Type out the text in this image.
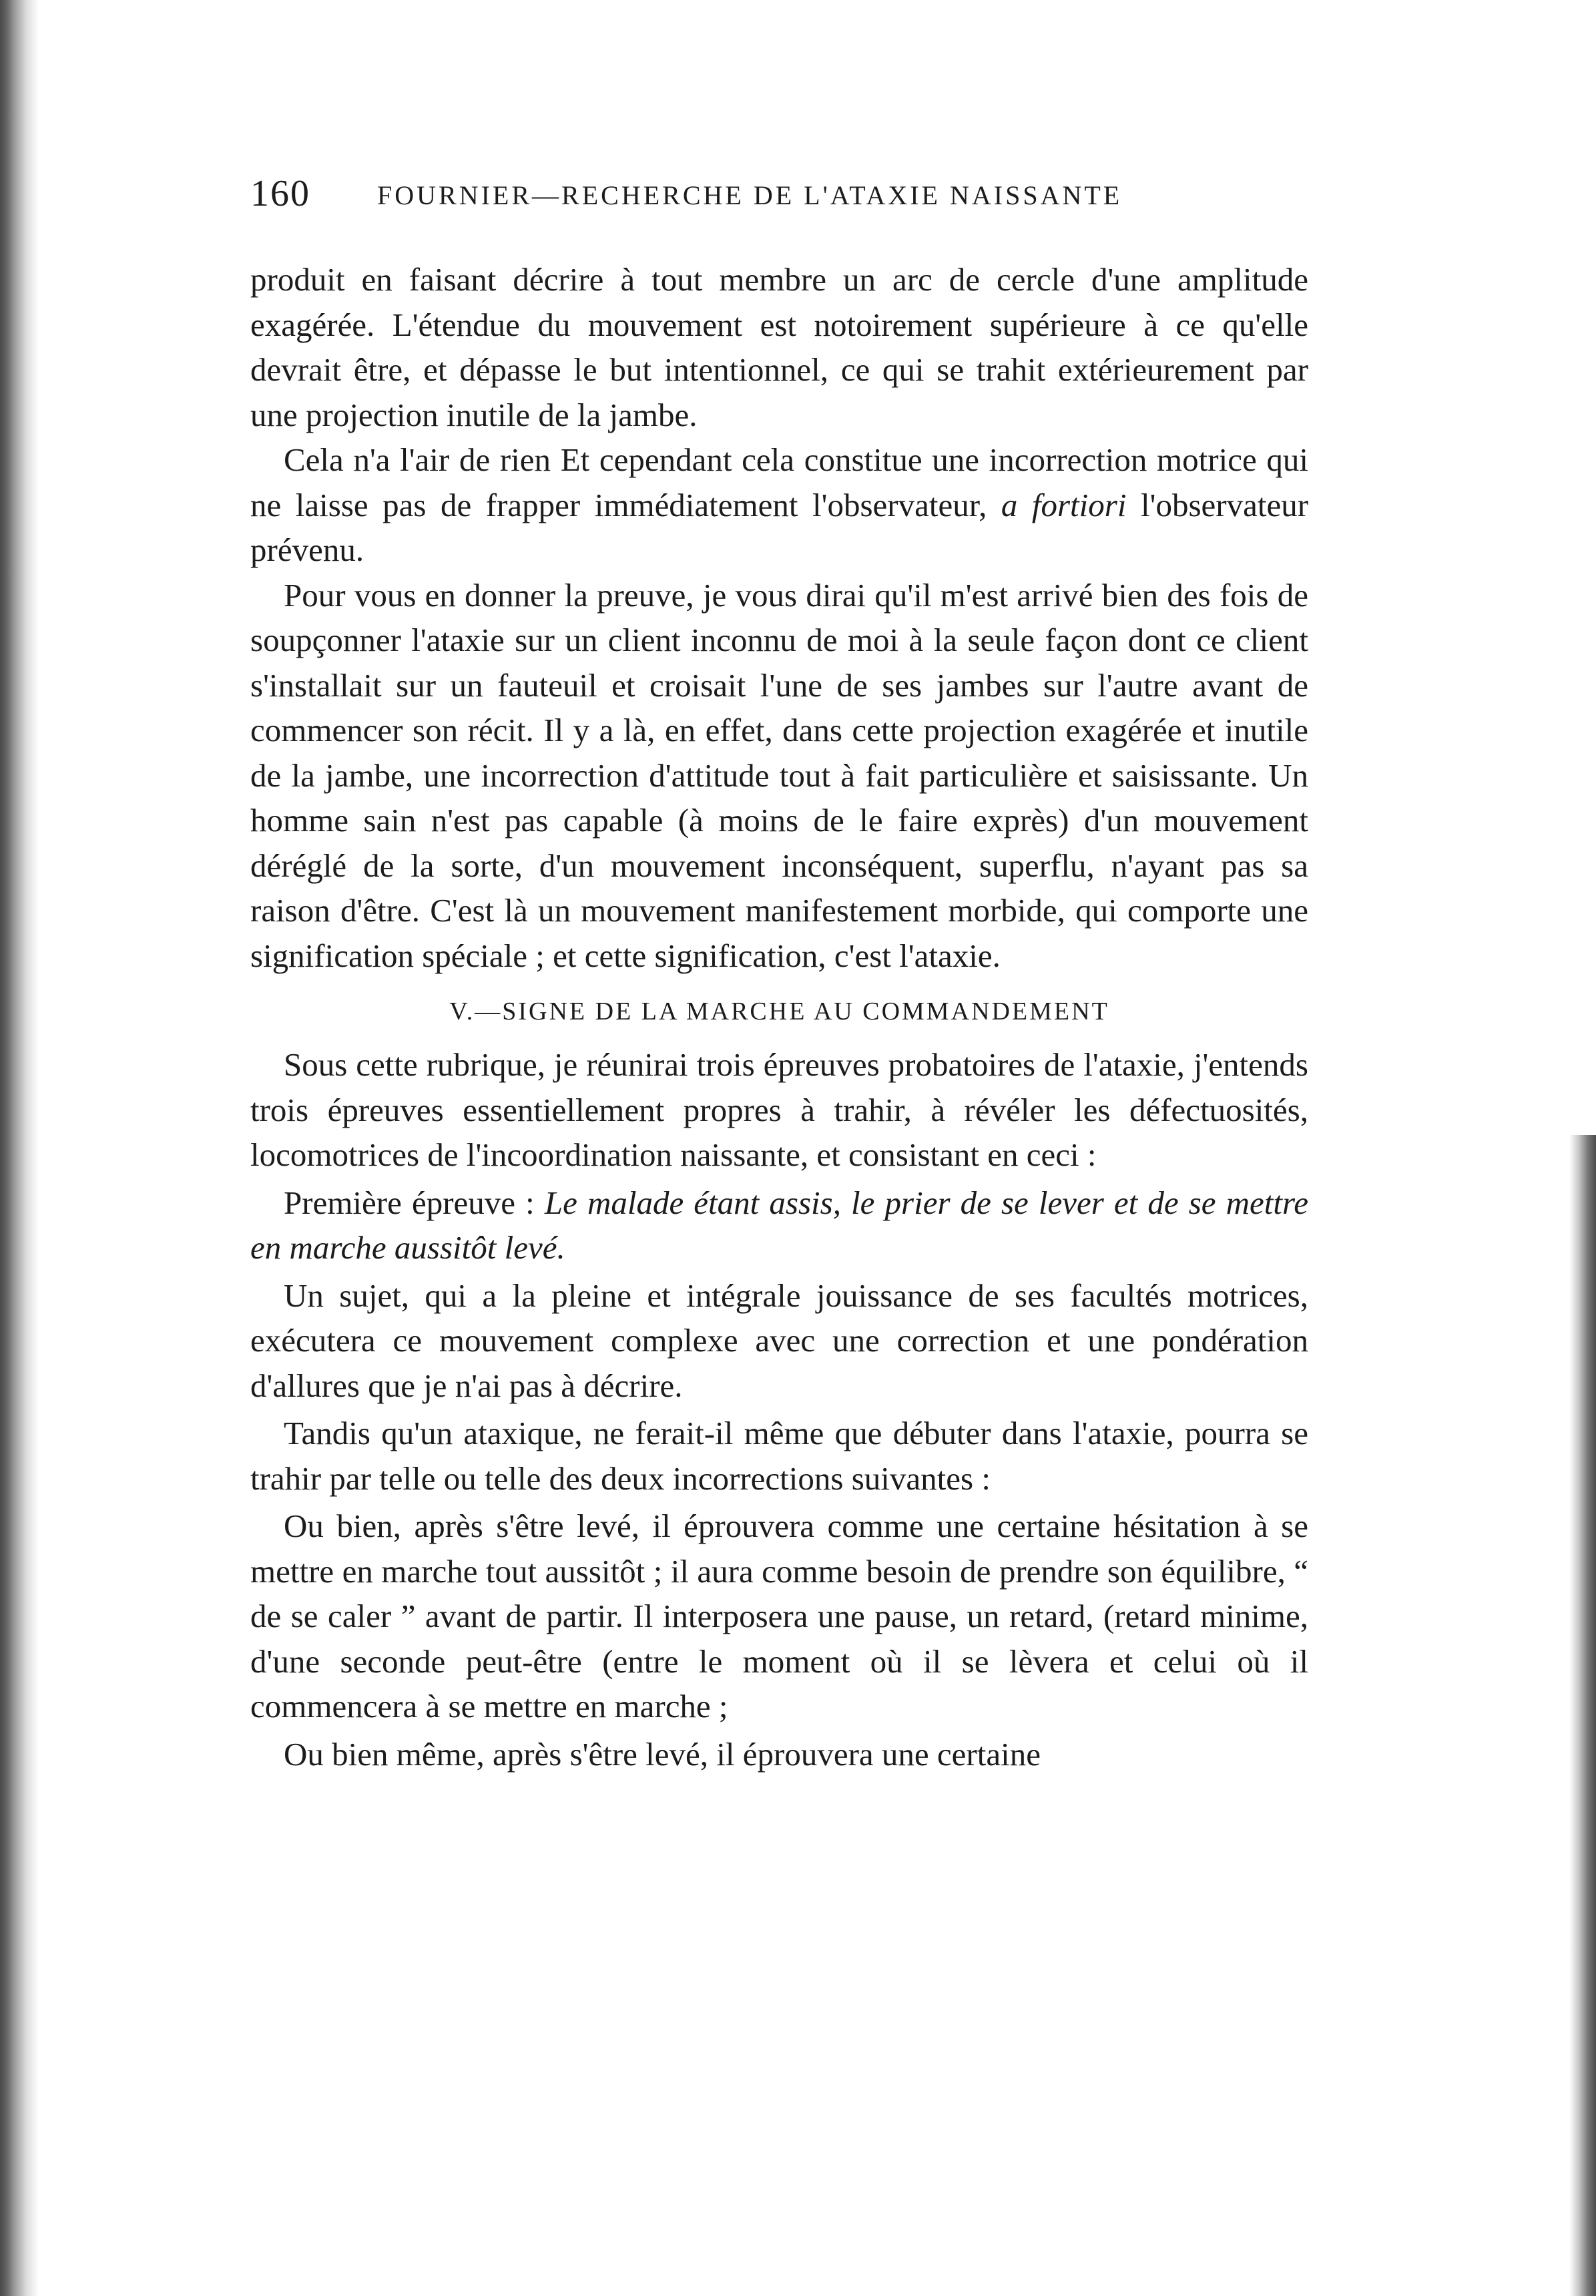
160	FOURNIER—RECHERCHE DE L'ATAXIE NAISSANTE

produit en faisant décrire à tout membre un arc de cercle d'une amplitude exagérée. L'étendue du mouvement est notoirement supérieure à ce qu'elle devrait être, et dépasse le but intentionnel, ce qui se trahit extérieurement par une projection inutile de la jambe.

Cela n'a l'air de rien Et cependant cela constitue une incorrection motrice qui ne laisse pas de frapper immédiatement l'observateur, a fortiori l'observateur prévenu.

Pour vous en donner la preuve, je vous dirai qu'il m'est arrivé bien des fois de soupçonner l'ataxie sur un client inconnu de moi à la seule façon dont ce client s'installait sur un fauteuil et croisait l'une de ses jambes sur l'autre avant de commencer son récit. Il y a là, en effet, dans cette projection exagérée et inutile de la jambe, une incorrection d'attitude tout à fait particulière et saisissante. Un homme sain n'est pas capable (à moins de le faire exprès) d'un mouvement déréglé de la sorte, d'un mouvement inconséquent, superflu, n'ayant pas sa raison d'être. C'est là un mouvement manifestement morbide, qui comporte une signification spéciale ; et cette signification, c'est l'ataxie.

V.—SIGNE DE LA MARCHE AU COMMANDEMENT

Sous cette rubrique, je réunirai trois épreuves probatoires de l'ataxie, j'entends trois épreuves essentiellement propres à trahir, à révéler les défectuosités, locomotrices de l'incoordination naissante, et consistant en ceci :

Première épreuve : Le malade étant assis, le prier de se lever et de se mettre en marche aussitôt levé.

Un sujet, qui a la pleine et intégrale jouissance de ses facultés motrices, exécutera ce mouvement complexe avec une correction et une pondération d'allures que je n'ai pas à décrire.

Tandis qu'un ataxique, ne ferait-il même que débuter dans l'ataxie, pourra se trahir par telle ou telle des deux incorrections suivantes :

Ou bien, après s'être levé, il éprouvera comme une certaine hésitation à se mettre en marche tout aussitôt ; il aura comme besoin de prendre son équilibre, “ de se caler ” avant de partir. Il interposera une pause, un retard, (retard minime, d'une seconde peut-être (entre le moment où il se lèvera et celui où il commencera à se mettre en marche ;

Ou bien même, après s'être levé, il éprouvera une certaine
